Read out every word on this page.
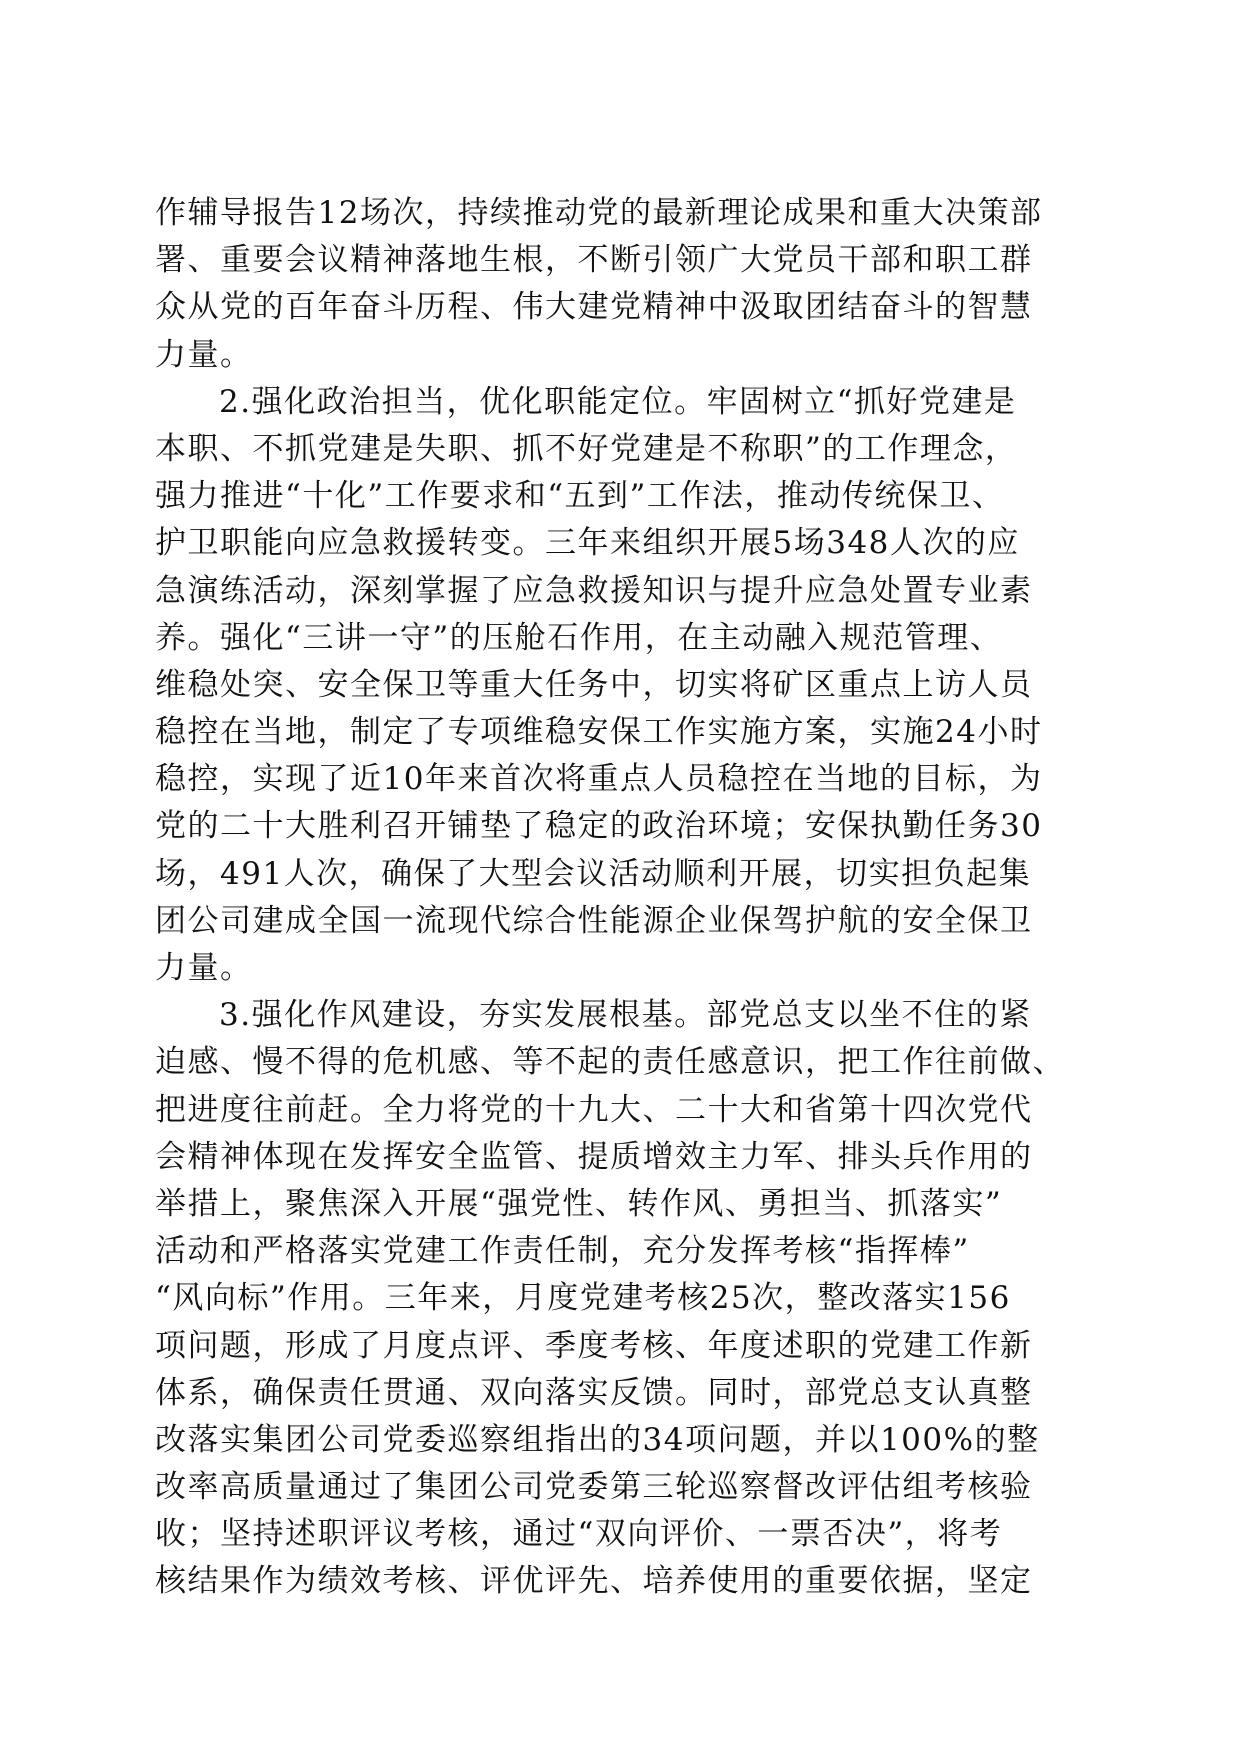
作辅导报告12场次，持续推动党的最新理论成果和重大决策部
署、重要会议精神落地生根，不断引领广大党员干部和职工群
众从党的百年奋斗历程、伟大建党精神中汲取团结奋斗的智慧
力量。
2.强化政治担当，优化职能定位。牢固树立“抓好党建是
本职、不抓党建是失职、抓不好党建是不称职”的工作理念，
强力推进“十化”工作要求和“五到”工作法，推动传统保卫、
护卫职能向应急救援转变。三年来组织开展5场348人次的应
急演练活动，深刻掌握了应急救援知识与提升应急处置专业素
养。强化“三讲一守”的压舱石作用，在主动融入规范管理、
维稳处突、安全保卫等重大任务中，切实将矿区重点上访人员
稳控在当地，制定了专项维稳安保工作实施方案，实施24小时
稳控，实现了近10年来首次将重点人员稳控在当地的目标，为
党的二十大胜利召开铺垫了稳定的政治环境；安保执勤任务30
场，491人次，确保了大型会议活动顺利开展，切实担负起集
团公司建成全国一流现代综合性能源企业保驾护航的安全保卫
力量。
3.强化作风建设，夯实发展根基。部党总支以坐不住的紧
迫感、慢不得的危机感、等不起的责任感意识，把工作往前做、
把进度往前赶。全力将党的十九大、二十大和省第十四次党代
会精神体现在发挥安全监管、提质增效主力军、排头兵作用的
举措上，聚焦深入开展“强党性、转作风、勇担当、抓落实”
活动和严格落实党建工作责任制，充分发挥考核“指挥棒”
“风向标”作用。三年来，月度党建考核25次，整改落实156
项问题，形成了月度点评、季度考核、年度述职的党建工作新
体系，确保责任贯通、双向落实反馈。同时，部党总支认真整
改落实集团公司党委巡察组指出的34项问题，并以100%的整
改率高质量通过了集团公司党委第三轮巡察督改评估组考核验
收；坚持述职评议考核，通过“双向评价、一票否决”，将考
核结果作为绩效考核、评优评先、培养使用的重要依据，坚定
